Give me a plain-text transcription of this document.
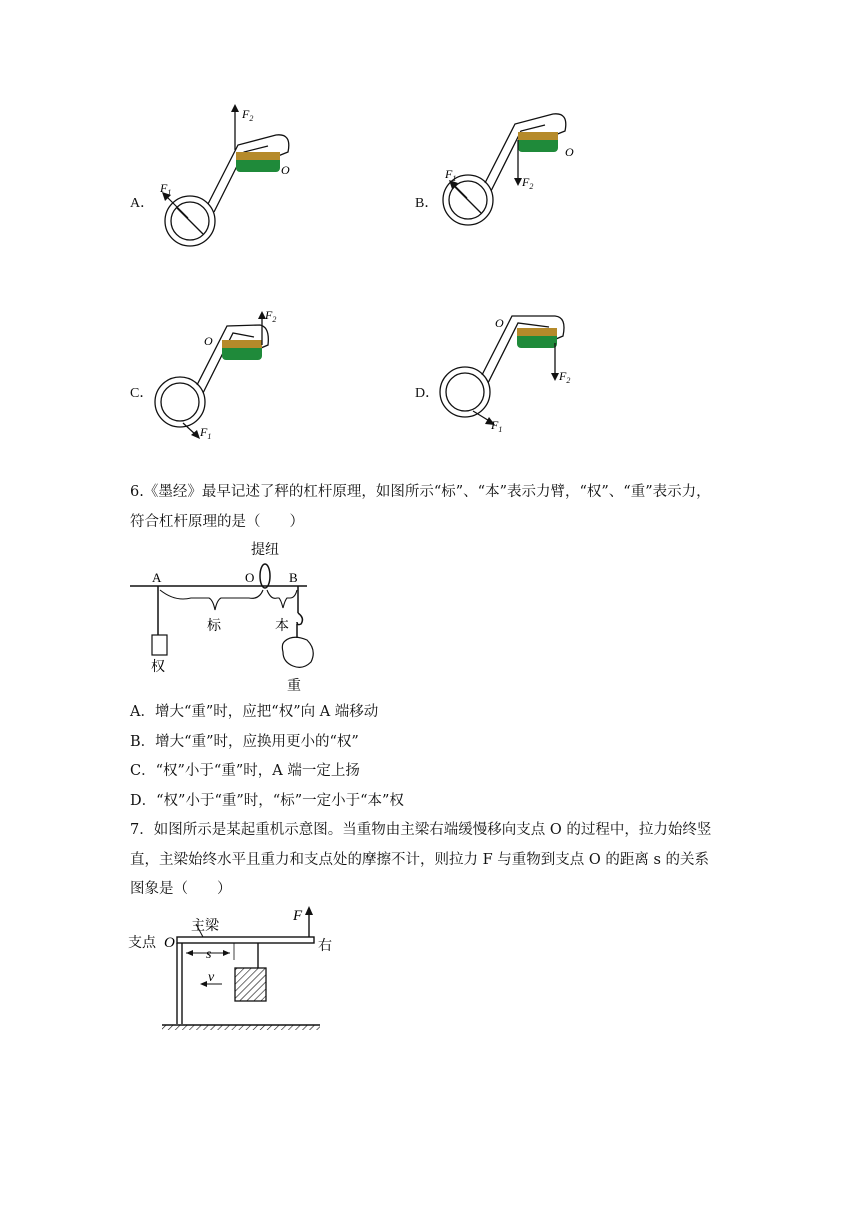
A．
$F_2$
$F_1$
O
B．
$F_2$
$F_1$
O
C．
$F_2$
$F_1$
O
D．
$F_2$
$F_1$
O
6.《墨经》最早记述了秤的杠杆原理，如图所示“标”、“本”表示力臂，“权”、“重”表示力，
符合杠杆原理的是（　　）
提纽
A	O	B
标	本
权
重
A．增大“重”时，应把“权”向 A 端移动
B．增大“重”时，应换用更小的“权”
C．“权”小于“重”时，A 端一定上扬
D．“权”小于“重”时，“标”一定小于“本”权
7．如图所示是某起重机示意图。当重物由主梁右端缓慢移向支点 O 的过程中，拉力始终竖
直，主梁始终水平且重力和支点处的摩擦不计，则拉力 F 与重物到支点 O 的距离 s 的关系
图象是（　　）
主梁
支点 O
F
右
s
v
